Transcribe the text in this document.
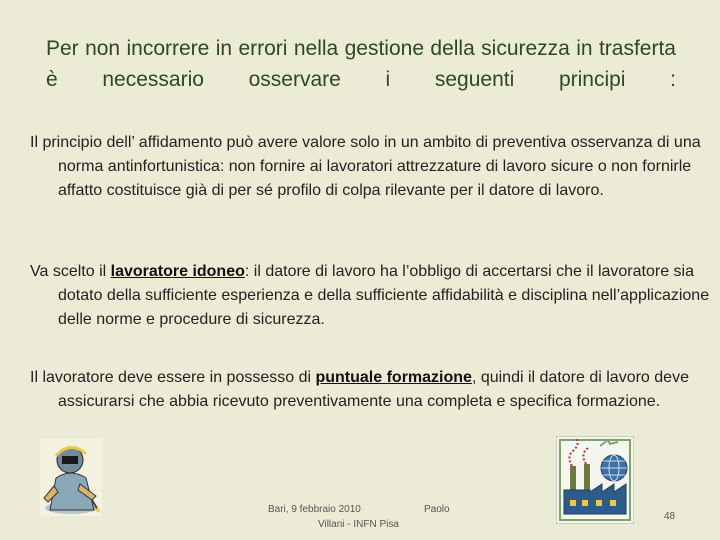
Per non incorrere in errori nella gestione della sicurezza in trasferta è necessario osservare i seguenti principi :

Il principio dell’ affidamento può avere valore solo in un ambito di preventiva osservanza di una norma antinfortunistica: non fornire ai lavoratori attrezzature di lavoro sicure o non fornirle affatto costituisce già di per sé profilo di colpa rilevante per il datore di lavoro.

Va scelto il lavoratore idoneo: il datore di lavoro ha l’obbligo di accertarsi che il lavoratore sia dotato della sufficiente esperienza e della sufficiente affidabilità e disciplina nell’applicazione delle norme e procedure di sicurezza.

Il lavoratore deve essere in possesso di puntuale formazione, quindi il datore di lavoro deve assicurarsi che abbia ricevuto preventivamente una completa e specifica formazione.

Bari, 9 febbraio 2010	Paolo
Villani - INFN Pisa
48
